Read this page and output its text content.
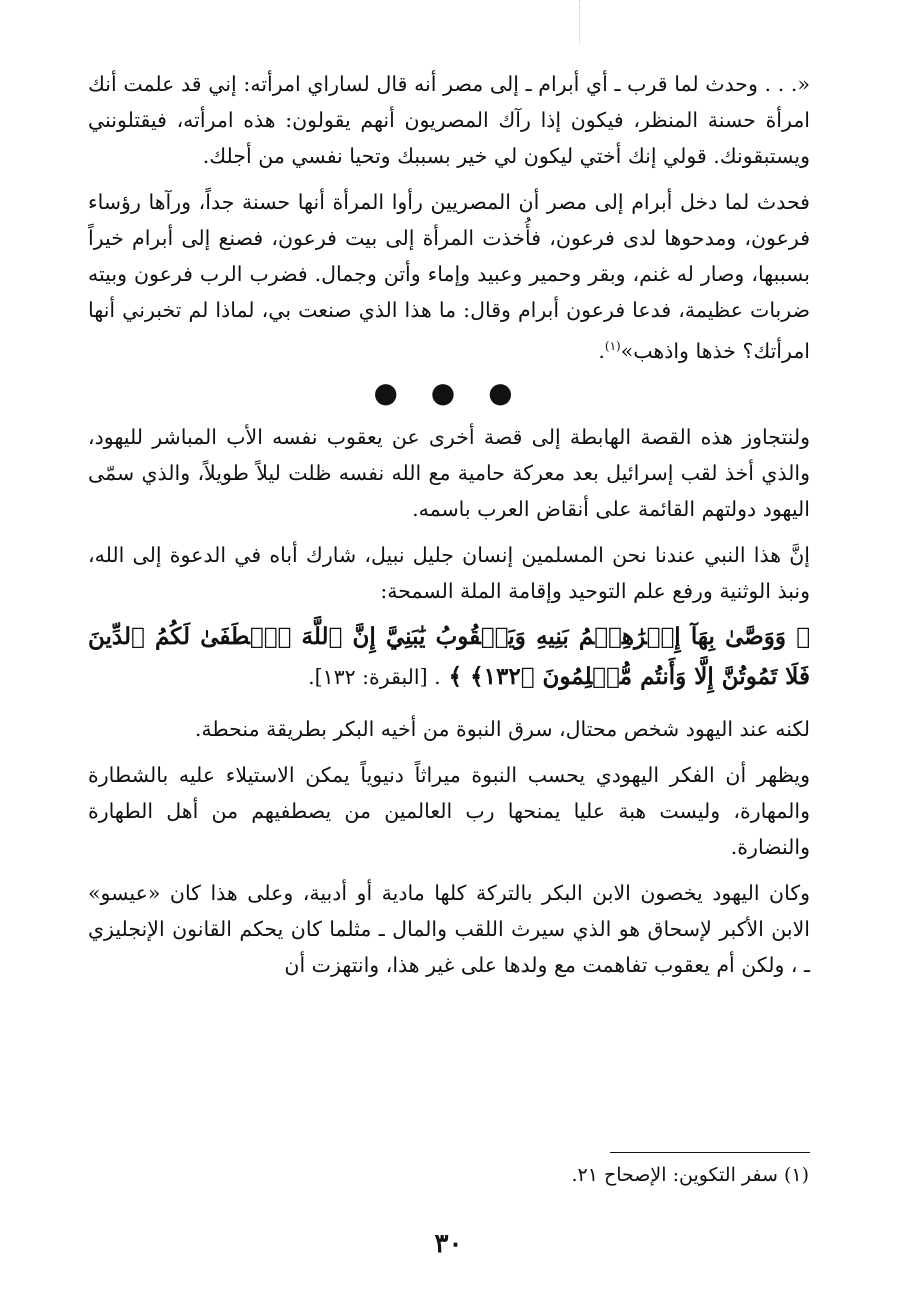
«. . . وحدث لما قرب ـ أي أبرام ـ إلى مصر أنه قال لساراي امرأته: إني قد علمت أنك امرأة حسنة المنظر، فيكون إذا رآك المصريون أنهم يقولون: هذه امرأته، فيقتلونني ويستبقونك. قولي إنك أختي ليكون لي خير بسببك وتحيا نفسي من أجلك.

فحدث لما دخل أبرام إلى مصر أن المصريين رأوا المرأة أنها حسنة جداً، ورآها رؤساء فرعون، ومدحوها لدى فرعون، فأُخذت المرأة إلى بيت فرعون، فصنع إلى أبرام خيراً بسببها، وصار له غنم، وبقر وحمير وعبيد وإماء وأتن وجمال. فضرب الرب فرعون وبيته ضربات عظيمة، فدعا فرعون أبرام وقال: ما هذا الذي صنعت بي، لماذا لم تخبرني أنها امرأتك؟ خذها واذهب»$^{(١)}$.

● ● ●

ولنتجاوز هذه القصة الهابطة إلى قصة أخرى عن يعقوب نفسه الأب المباشر لليهود، والذي أخذ لقب إسرائيل بعد معركة حامية مع الله نفسه ظلت ليلاً طويلاً، والذي سمّى اليهود دولتهم القائمة على أنقاض العرب باسمه.

إنَّ هذا النبي عندنا نحن المسلمين إنسان جليل نبيل، شارك أباه في الدعوة إلى الله، ونبذ الوثنية ورفع علم التوحيد وإقامة الملة السمحة:

﴿ وَوَصَّىٰ بِهَآ إِبۡرَٰهِـۧمُ بَنِيهِ وَيَعۡقُوبُ يَٰبَنِيَّ إِنَّ ٱللَّهَ ٱصۡطَفَىٰ لَكُمُ ٱلدِّينَ فَلَا تَمُوتُنَّ إِلَّا وَأَنتُم مُّسۡلِمُونَ ﴿١٣٢﴾ ﴾ . [البقرة: ١٣٢].

لكنه عند اليهود شخص محتال، سرق النبوة من أخيه البكر بطريقة منحطة.

ويظهر أن الفكر اليهودي يحسب النبوة ميراثاً دنيوياً يمكن الاستيلاء عليه بالشطارة والمهارة، وليست هبة عليا يمنحها رب العالمين من يصطفيهم من أهل الطهارة والنضارة.

وكان اليهود يخصون الابن البكر بالتركة كلها مادية أو أدبية، وعلى هذا كان «عيسو» الابن الأكبر لإسحاق هو الذي سيرث اللقب والمال ـ مثلما كان يحكم القانون الإنجليزي ـ ، ولكن أم يعقوب تفاهمت مع ولدها على غير هذا، وانتهزت أن

(١) سفر التكوين: الإصحاح ٢١.
٣٠
